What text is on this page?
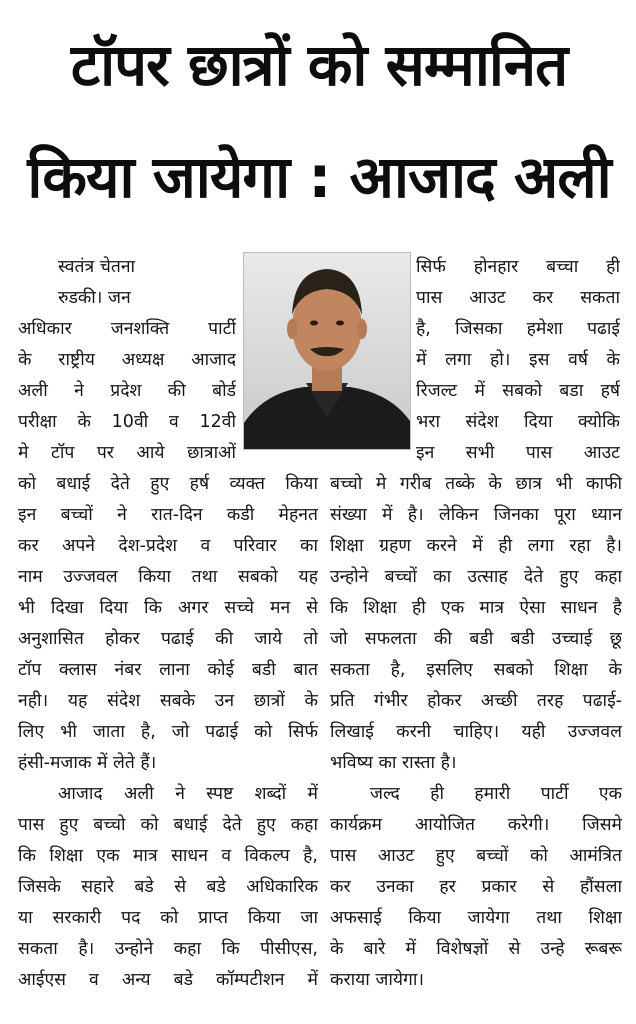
टॉपर छात्रों को सम्मानित
किया जायेगा : आजाद अली
स्वतंत्र चेतना
रुडकी। जन
अधिकार जनशक्ति पार्टी
के राष्ट्रीय अध्यक्ष आजाद
अली ने प्रदेश की बोर्ड
परीक्षा के 10वी व 12वी
मे टॉप पर आये छात्राओं
सिर्फ होनहार बच्चा ही
पास आउट कर सकता
है, जिसका हमेशा पढाई
में लगा हो। इस वर्ष के
रिजल्ट में सबको बडा हर्ष
भरा संदेश दिया क्योकि
इन सभी पास आउट
को बधाई देते हुए हर्ष व्यक्त किया
इन बच्चों ने रात-दिन कडी मेहनत
कर अपने देश-प्रदेश व परिवार का
नाम उज्जवल किया तथा सबको यह
भी दिखा दिया कि अगर सच्चे मन से
अनुशासित होकर पढाई की जाये तो
टॉप क्लास नंबर लाना कोई बडी बात
नही। यह संदेश सबके उन छात्रों के
लिए भी जाता है, जो पढाई को सिर्फ
हंसी-मजाक में लेते हैं।
आजाद अली ने स्पष्ट शब्दों में
पास हुए बच्चो को बधाई देते हुए कहा
कि शिक्षा एक मात्र साधन व विकल्प है,
जिसके सहारे बडे से बडे अधिकारिक
या सरकारी पद को प्राप्त किया जा
सकता है। उन्होने कहा कि पीसीएस,
आईएस व अन्य बडे कॉम्पटीशन में
बच्चो मे गरीब तब्के के छात्र भी काफी
संख्या में है। लेकिन जिनका पूरा ध्यान
शिक्षा ग्रहण करने में ही लगा रहा है।
उन्होने बच्चों का उत्साह देते हुए कहा
कि शिक्षा ही एक मात्र ऐसा साधन है
जो सफलता की बडी बडी उच्चाई छू
सकता है, इसलिए सबको शिक्षा के
प्रति गंभीर होकर अच्छी तरह पढाई-
लिखाई करनी चाहिए। यही उज्जवल
भविष्य का रास्ता है।
जल्द ही हमारी पार्टी एक
कार्यक्रम आयोजित करेगी। जिसमे
पास आउट हुए बच्चों को आमंत्रित
कर उनका हर प्रकार से हौंसला
अफसाई किया जायेगा तथा शिक्षा
के बारे में विशेषज्ञों से उन्हे रूबरू
कराया जायेगा।
